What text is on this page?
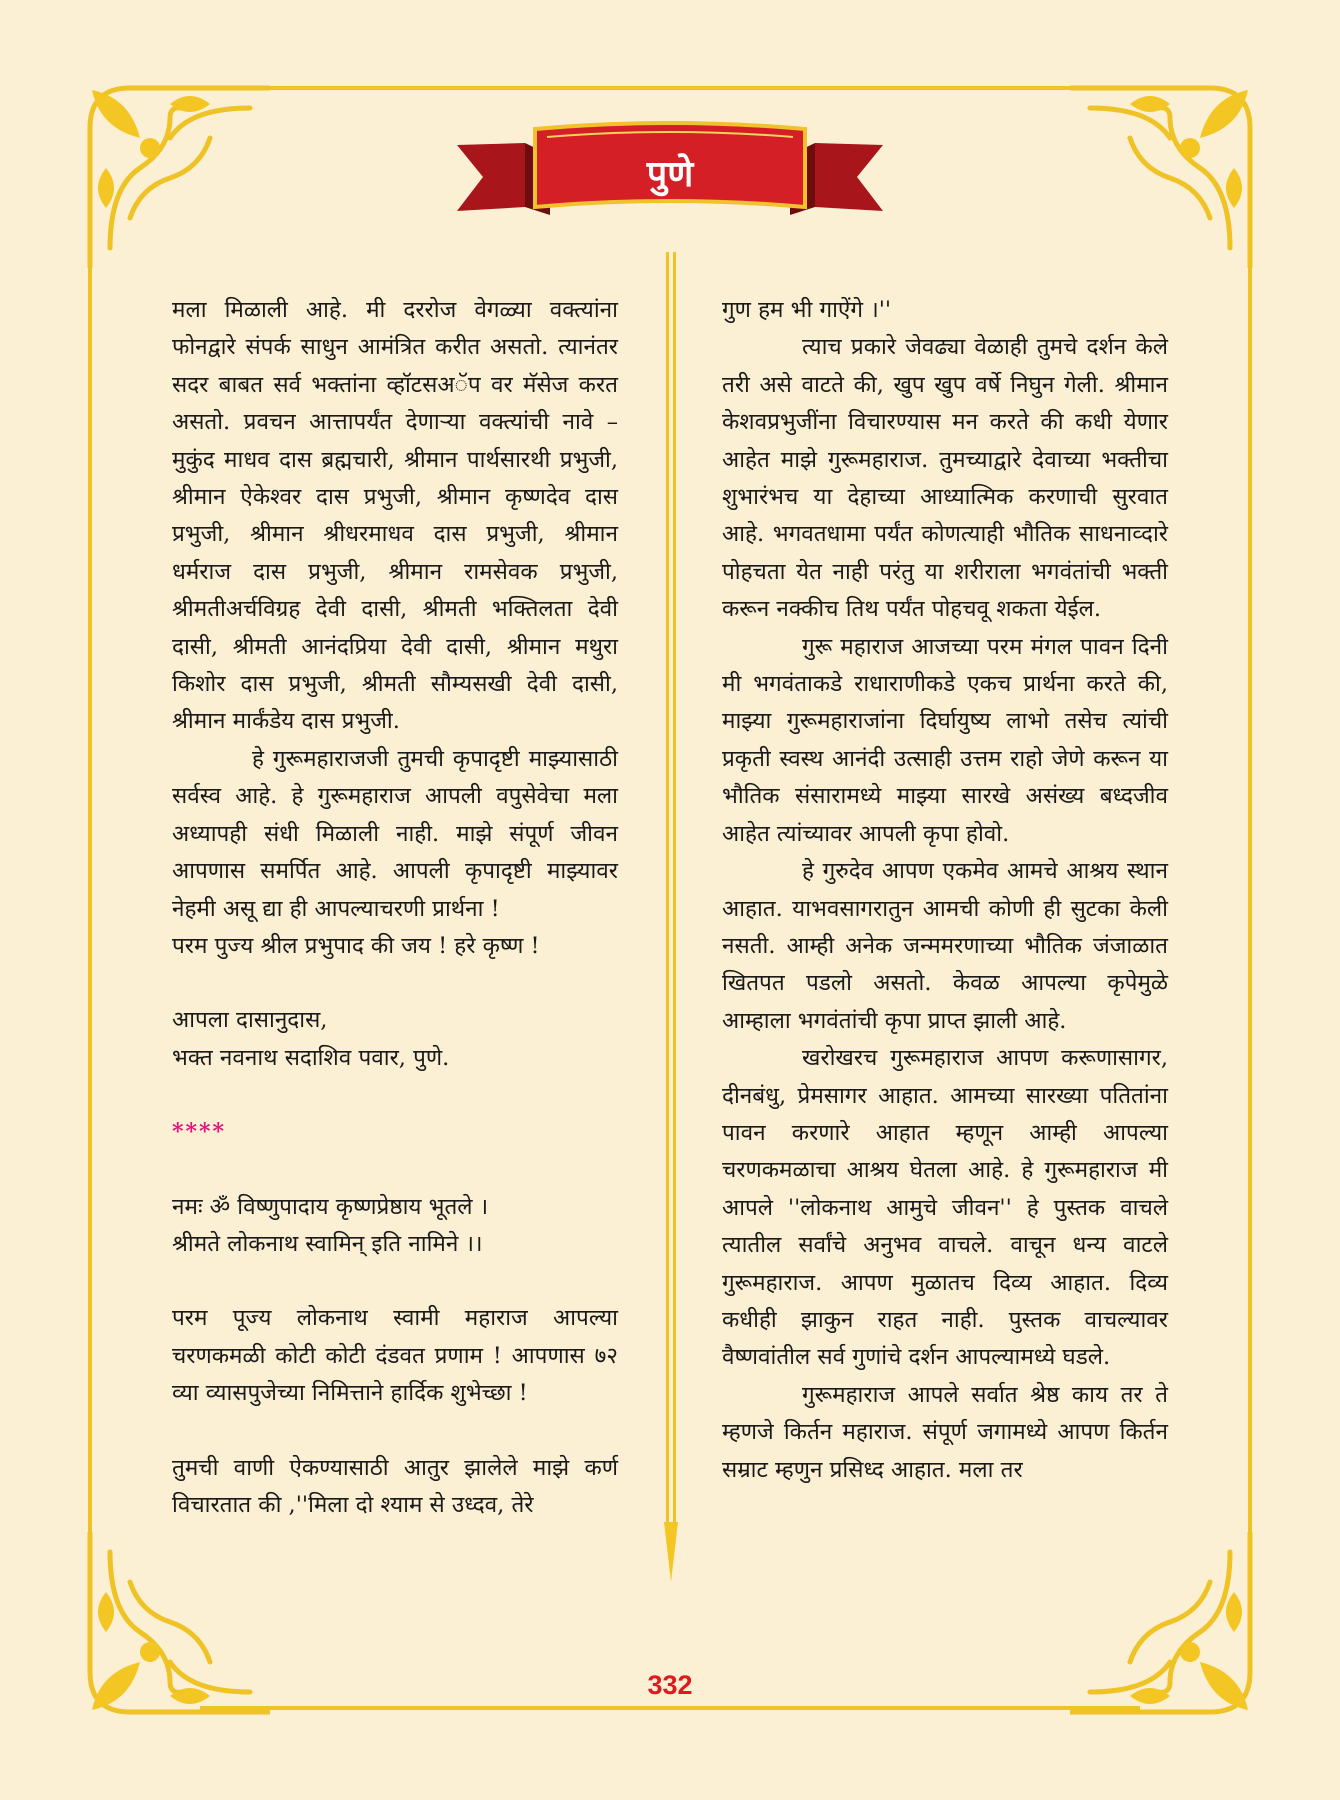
पुणे

मला मिळाली आहे. मी दररोज वेगळ्या वक्त्यांना फोनद्वारे संपर्क साधुन आमंत्रित करीत असतो. त्यानंतर सदर बाबत सर्व भक्तांना व्हॉटसअॅप वर मॅसेज करत असतो. प्रवचन आत्तापर्यंत देणाऱ्या वक्त्यांची नावे – मुकुंद माधव दास ब्रह्मचारी, श्रीमान पार्थसारथी प्रभुजी, श्रीमान ऐकेश्वर दास प्रभुजी, श्रीमान कृष्णदेव दास प्रभुजी, श्रीमान श्रीधरमाधव दास प्रभुजी, श्रीमान धर्मराज दास प्रभुजी, श्रीमान रामसेवक प्रभुजी, श्रीमतीअर्चविग्रह देवी दासी, श्रीमती भक्तिलता देवी दासी, श्रीमती आनंदप्रिया देवी दासी, श्रीमान मथुरा किशोर दास प्रभुजी, श्रीमती सौम्यसखी देवी दासी, श्रीमान मार्कंडेय दास प्रभुजी.

हे गुरूमहाराजजी तुमची कृपादृष्टी माझ्यासाठी सर्वस्व आहे. हे गुरूमहाराज आपली वपुसेवेचा मला अध्यापही संधी मिळाली नाही. माझे संपूर्ण जीवन आपणास समर्पित आहे. आपली कृपादृष्टी माझ्यावर नेहमी असू द्या ही आपल्याचरणी प्रार्थना !

परम पुज्य श्रील प्रभुपाद की जय ! हरे कृष्ण !

आपला दासानुदास,

भक्त नवनाथ सदाशिव पवार, पुणे.

****

नमः ॐ विष्णुपादाय कृष्णप्रेष्ठाय भूतले ।

श्रीमते लोकनाथ स्वामिन् इति नामिने ।।

परम पूज्य लोकनाथ स्वामी महाराज आपल्या चरणकमळी कोटी कोटी दंडवत प्रणाम ! आपणास ७२ व्या व्यासपुजेच्या निमित्ताने हार्दिक शुभेच्छा !

तुमची वाणी ऐकण्यासाठी आतुर झालेले माझे कर्ण विचारतात की ,''मिला दो श्याम से उध्दव, तेरे

गुण हम भी गाऐंगे ।''

त्याच प्रकारे जेवढ्या वेळाही तुमचे दर्शन केले तरी असे वाटते की, खुप खुप वर्षे निघुन गेली. श्रीमान केशवप्रभुजींना विचारण्यास मन करते की कधी येणार आहेत माझे गुरूमहाराज. तुमच्याद्वारे देवाच्या भक्तीचा शुभारंभच या देहाच्या आध्यात्मिक करणाची सुरवात आहे. भगवतधामा पर्यंत कोणत्याही भौतिक साधनाव्दारे पोहचता येत नाही परंतु या शरीराला भगवंतांची भक्ती करून नक्कीच तिथ पर्यंत पोहचवू शकता येईल.

गुरू महाराज आजच्या परम मंगल पावन दिनी मी भगवंताकडे राधाराणीकडे एकच प्रार्थना करते की, माझ्या गुरूमहाराजांना दिर्घायुष्य लाभो तसेच त्यांची प्रकृती स्वस्थ आनंदी उत्साही उत्तम राहो जेणे करून या भौतिक संसारामध्ये माझ्या सारखे असंख्य बध्दजीव आहेत त्यांच्यावर आपली कृपा होवो.

हे गुरुदेव आपण एकमेव आमचे आश्रय स्थान आहात. याभवसागरातुन आमची कोणी ही सुटका केली नसती. आम्ही अनेक जन्ममरणाच्या भौतिक जंजाळात खितपत पडलो असतो. केवळ आपल्या कृपेमुळे आम्हाला भगवंतांची कृपा प्राप्त झाली आहे.

खरोखरच गुरूमहाराज आपण करूणासागर, दीनबंधु, प्रेमसागर आहात. आमच्या सारख्या पतितांना पावन करणारे आहात म्हणून आम्ही आपल्या चरणकमळाचा आश्रय घेतला आहे. हे गुरूमहाराज मी आपले ''लोकनाथ आमुचे जीवन'' हे पुस्तक वाचले त्यातील सर्वांचे अनुभव वाचले. वाचून धन्य वाटले गुरूमहाराज. आपण मुळातच दिव्य आहात. दिव्य कधीही झाकुन राहत नाही. पुस्तक वाचल्यावर वैष्णवांतील सर्व गुणांचे दर्शन आपल्यामध्ये घडले.

गुरूमहाराज आपले सर्वात श्रेष्ठ काय तर ते म्हणजे किर्तन महाराज. संपूर्ण जगामध्ये आपण किर्तन सम्राट म्हणुन प्रसिध्द आहात. मला तर

332
